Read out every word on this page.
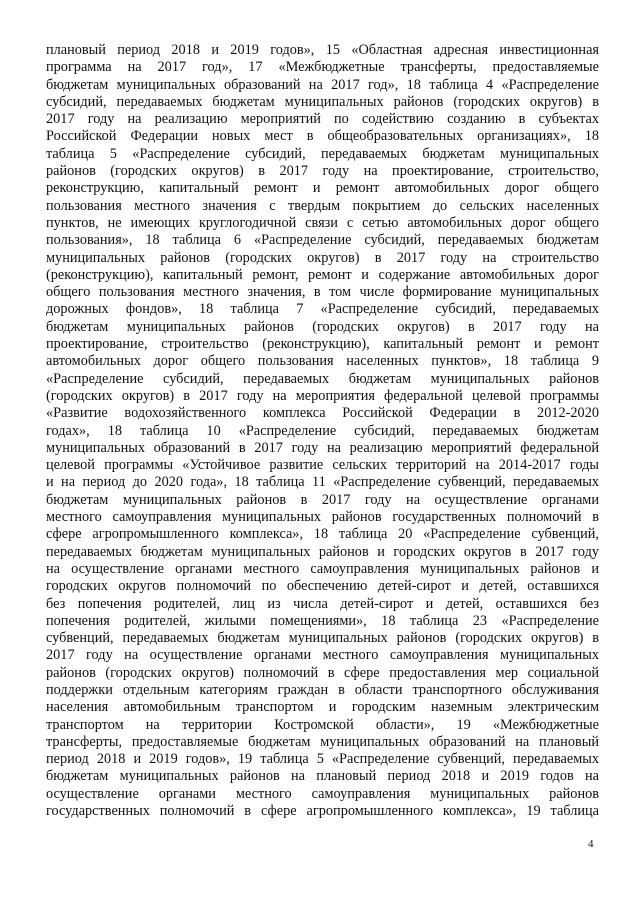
плановый период 2018 и 2019 годов», 15 «Областная адресная инвестиционная
программа на 2017 год», 17 «Межбюджетные трансферты, предоставляемые
бюджетам муниципальных образований на 2017 год», 18 таблица 4 «Распределение
субсидий, передаваемых бюджетам муниципальных районов (городских округов) в
2017 году на реализацию мероприятий по содействию созданию в субъектах
Российской Федерации новых мест в общеобразовательных организациях», 18
таблица 5 «Распределение субсидий, передаваемых бюджетам муниципальных
районов (городских округов) в 2017 году на проектирование, строительство,
реконструкцию, капитальный ремонт и ремонт автомобильных дорог общего
пользования местного значения с твердым покрытием до сельских населенных
пунктов, не имеющих круглогодичной связи с сетью автомобильных дорог общего
пользования», 18 таблица 6 «Распределение субсидий, передаваемых бюджетам
муниципальных районов (городских округов) в 2017 году на строительство
(реконструкцию), капитальный ремонт, ремонт и содержание автомобильных дорог
общего пользования местного значения, в том числе формирование муниципальных
дорожных фондов», 18 таблица 7 «Распределение субсидий, передаваемых
бюджетам муниципальных районов (городских округов) в 2017 году на
проектирование, строительство (реконструкцию), капитальный ремонт и ремонт
автомобильных дорог общего пользования населенных пунктов», 18 таблица 9
«Распределение субсидий, передаваемых бюджетам муниципальных районов
(городских округов) в 2017 году на мероприятия федеральной целевой программы
«Развитие водохозяйственного комплекса Российской Федерации в 2012-2020
годах», 18 таблица 10 «Распределение субсидий, передаваемых бюджетам
муниципальных образований в 2017 году на реализацию мероприятий федеральной
целевой программы «Устойчивое развитие сельских территорий на 2014-2017 годы
и на период до 2020 года», 18 таблица 11 «Распределение субвенций, передаваемых
бюджетам муниципальных районов в 2017 году на осуществление органами
местного самоуправления муниципальных районов государственных полномочий в
сфере агропромышленного комплекса», 18 таблица 20 «Распределение субвенций,
передаваемых бюджетам муниципальных районов и городских округов в 2017 году
на осуществление органами местного самоуправления муниципальных районов и
городских округов полномочий по обеспечению детей-сирот и детей, оставшихся
без попечения родителей, лиц из числа детей-сирот и детей, оставшихся без
попечения родителей, жилыми помещениями», 18 таблица 23 «Распределение
субвенций, передаваемых бюджетам муниципальных районов (городских округов) в
2017 году на осуществление органами местного самоуправления муниципальных
районов (городских округов) полномочий в сфере предоставления мер социальной
поддержки отдельным категориям граждан в области транспортного обслуживания
населения автомобильным транспортом и городским наземным электрическим
транспортом на территории Костромской области», 19 «Межбюджетные
трансферты, предоставляемые бюджетам муниципальных образований на плановый
период 2018 и 2019 годов», 19 таблица 5 «Распределение субвенций, передаваемых
бюджетам муниципальных районов на плановый период 2018 и 2019 годов на
осуществление органами местного самоуправления муниципальных районов
государственных полномочий в сфере агропромышленного комплекса», 19 таблица
4
